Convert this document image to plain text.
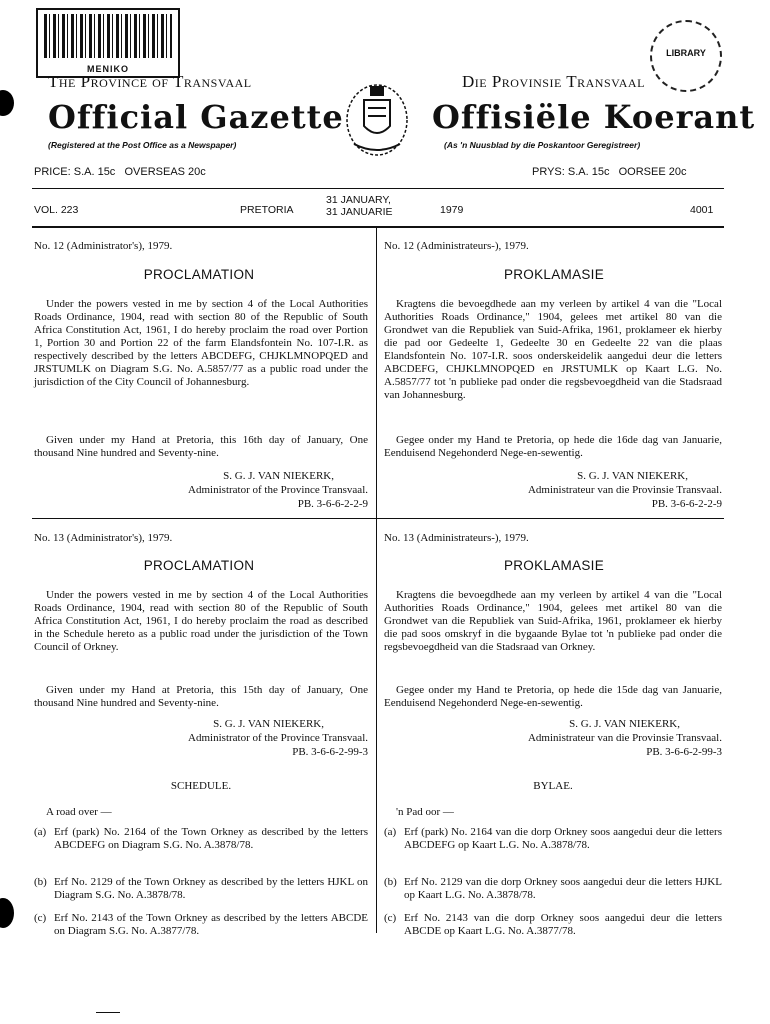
MENIKO
LIBRARY
The Province of Transvaal	Die Provinsie Transvaal
Official Gazette	Offisiële Koerant
(Registered at the Post Office as a Newspaper)	(As 'n Nuusblad by die Poskantoor Geregistreer)
PRICE: S.A. 15c   OVERSEAS 20c	PRYS: S.A. 15c   OORSEE 20c
VOL. 223	PRETORIA
31 JANUARY,
31 JANUARIE	1979	4001
No. 12 (Administrator's), 1979.
PROCLAMATION
Under the powers vested in me by section 4 of the Local Authorities Roads Ordinance, 1904, read with section 80 of the Republic of South Africa Constitution Act, 1961, I do hereby proclaim the road over Portion 1, Portion 30 and Portion 22 of the farm Elandsfontein No. 107-I.R. as respectively described by the letters ABCDEFG, CHJKLMNOPQED and JRSTUMLK on Diagram S.G. No. A.5857/77 as a public road under the jurisdiction of the City Council of Johannesburg.
Given under my Hand at Pretoria, this 16th day of January, One thousand Nine hundred and Seventy-nine.
S. G. J. VAN NIEKERK,
Administrator of the Province Transvaal.
PB. 3-6-6-2-2-9
No. 12 (Administrateurs-), 1979.
PROKLAMASIE
Kragtens die bevoegdhede aan my verleen by artikel 4 van die "Local Authorities Roads Ordinance," 1904, gelees met artikel 80 van die Grondwet van die Republiek van Suid-Afrika, 1961, proklameer ek hierby die pad oor Gedeelte 1, Gedeelte 30 en Gedeelte 22 van die plaas Elandsfontein No. 107-I.R. soos onderskeidelik aangedui deur die letters ABCDEFG, CHJKLMNOPQED en JRSTUMLK op Kaart L.G. No. A.5857/77 tot 'n publieke pad onder die regsbevoegdheid van die Stadsraad van Johannesburg.
Gegee onder my Hand te Pretoria, op hede die 16de dag van Januarie, Eenduisend Negehonderd Nege-en-sewentig.
S. G. J. VAN NIEKERK,
Administrateur van die Provinsie Transvaal.
PB. 3-6-6-2-2-9
No. 13 (Administrator's), 1979.
PROCLAMATION
Under the powers vested in me by section 4 of the Local Authorities Roads Ordinance, 1904, read with section 80 of the Republic of South Africa Constitution Act, 1961, I do hereby proclaim the road as described in the Schedule hereto as a public road under the jurisdiction of the Town Council of Orkney.
Given under my Hand at Pretoria, this 15th day of January, One thousand Nine hundred and Seventy-nine.
S. G. J. VAN NIEKERK,
Administrator of the Province Transvaal.
PB. 3-6-6-2-99-3
SCHEDULE.
A road over —
(a) Erf (park) No. 2164 of the Town Orkney as described by the letters ABCDEFG on Diagram S.G. No. A.3878/78.
(b) Erf No. 2129 of the Town Orkney as described by the letters HJKL on Diagram S.G. No. A.3878/78.
(c) Erf No. 2143 of the Town Orkney as described by the letters ABCDE on Diagram S.G. No. A.3877/78.
No. 13 (Administrateurs-), 1979.
PROKLAMASIE
Kragtens die bevoegdhede aan my verleen by artikel 4 van die "Local Authorities Roads Ordinance," 1904, gelees met artikel 80 van die Grondwet van die Republiek van Suid-Afrika, 1961, proklameer ek hierby die pad soos omskryf in die bygaande Bylae tot 'n publieke pad onder die regsbevoegdheid van die Stadsraad van Orkney.
Gegee onder my Hand te Pretoria, op hede die 15de dag van Januarie, Eenduisend Negehonderd Nege-en-sewentig.
S. G. J. VAN NIEKERK,
Administrateur van die Provinsie Transvaal.
PB. 3-6-6-2-99-3
BYLAE.
'n Pad oor —
(a) Erf (park) No. 2164 van die dorp Orkney soos aangedui deur die letters ABCDEFG op Kaart L.G. No. A.3878/78.
(b) Erf No. 2129 van die dorp Orkney soos aangedui deur die letters HJKL op Kaart L.G. No. A.3878/78.
(c) Erf No. 2143 van die dorp Orkney soos aangedui deur die letters ABCDE op Kaart L.G. No. A.3877/78.
